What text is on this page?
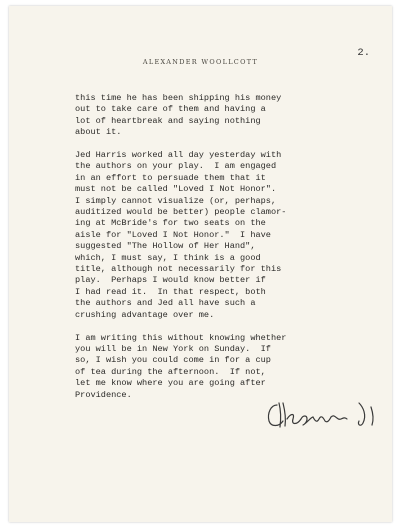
ALEXANDER WOOLLCOTT
2.

this time he has been shipping his money
out to take care of them and having a
lot of heartbreak and saying nothing
about it.

Jed Harris worked all day yesterday with
the authors on your play.  I am engaged
in an effort to persuade them that it
must not be called "Loved I Not Honor".
I simply cannot visualize (or, perhaps,
auditized would be better) people clamor-
ing at McBride's for two seats on the
aisle for "Loved I Not Honor."  I have
suggested "The Hollow of Her Hand",
which, I must say, I think is a good
title, although not necessarily for this
play.  Perhaps I would know better if
I had read it.  In that respect, both
the authors and Jed all have such a
crushing advantage over me.

I am writing this without knowing whether
you will be in New York on Sunday.  If
so, I wish you could come in for a cup
of tea during the afternoon.  If not,
let me know where you are going after
Providence.
